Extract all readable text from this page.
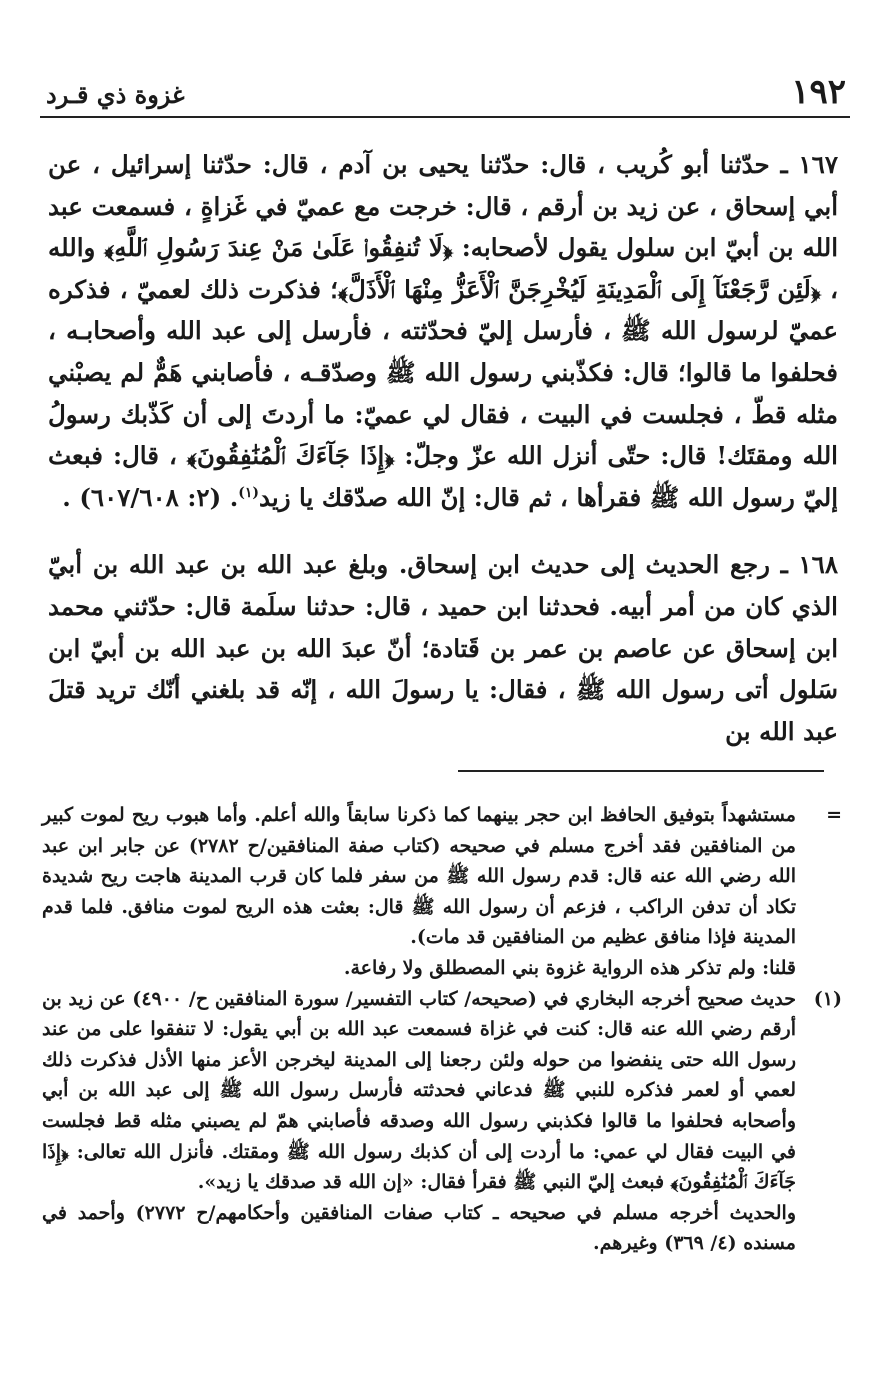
١٩٢
غزوة ذي قـرد

١٦٧ ـ حدّثنا أبو كُريب ، قال: حدّثنا يحيى بن آدم ، قال: حدّثنا إسرائيل ، عن أبي إسحاق ، عن زيد بن أرقم ، قال: خرجت مع عميّ في غَزاةٍ ، فسمعت عبد الله بن أبيّ ابن سلول يقول لأصحابه: ﴿لَا تُنفِقُوا۟ عَلَىٰ مَنْ عِندَ رَسُولِ ٱللَّهِ﴾ والله ، ﴿لَئِن رَّجَعْنَآ إِلَى ٱلْمَدِينَةِ لَيُخْرِجَنَّ ٱلْأَعَزُّ مِنْهَا ٱلْأَذَلَّ﴾؛ فذكرت ذلك لعميّ ، فذكره عميّ لرسول الله ﷺ ، فأرسل إليّ فحدّثته ، فأرسل إلى عبد الله وأصحابـه ، فحلفوا ما قالوا؛ قال: فكذّبني رسول الله ﷺ وصدّقـه ، فأصابني هَمٌّ لم يصبْني مثله قطّ ، فجلست في البيت ، فقال لي عميّ: ما أردتَ إلى أن كَذّبك رسولُ الله ومقتَك! قال: حتّى أنزل الله عزّ وجلّ: ﴿إِذَا جَآءَكَ ٱلْمُنَٰفِقُونَ﴾ ، قال: فبعث إليّ رسول الله ﷺ فقرأها ، ثم قال: إنّ الله صدّقك يا زيد$^{(١)}$. (٢: ٦٠٧/٦٠٨) .

١٦٨ ـ رجع الحديث إلى حديث ابن إسحاق. وبلغ عبد الله بن عبد الله بن أبيّ الذي كان من أمر أبيه. فحدثنا ابن حميد ، قال: حدثنا سلَمة قال: حدّثني محمد ابن إسحاق عن عاصم بن عمر بن قَتادة؛ أنّ عبدَ الله بن عبد الله بن أبيّ ابن سَلول أتى رسول الله ﷺ ، فقال: يا رسولَ الله ، إنّه قد بلغني أنّك تريد قتلَ عبد الله بن

=
مستشهداً بتوفيق الحافظ ابن حجر بينهما كما ذكرنا سابقاً والله أعلم. وأما هبوب ريح لموت كبير من المنافقين فقد أخرج مسلم في صحيحه (كتاب صفة المنافقين/ح ٢٧٨٢) عن جابر ابن عبد الله رضي الله عنه قال: قدم رسول الله ﷺ من سفر فلما كان قرب المدينة هاجت ريح شديدة تكاد أن تدفن الراكب ، فزعم أن رسول الله ﷺ قال: بعثت هذه الريح لموت منافق. فلما قدم المدينة فإذا منافق عظيم من المنافقين قد مات).
قلنا: ولم تذكر هذه الرواية غزوة بني المصطلق ولا رفاعة.
(١)
حديث صحيح أخرجه البخاري في (صحيحه/ كتاب التفسير/ سورة المنافقين ح/ ٤٩٠٠) عن زيد بن أرقم رضي الله عنه قال: كنت في غزاة فسمعت عبد الله بن أبي يقول: لا تنفقوا على من عند رسول الله حتى ينفضوا من حوله ولئن رجعنا إلى المدينة ليخرجن الأعز منها الأذل فذكرت ذلك لعمي أو لعمر فذكره للنبي ﷺ فدعاني فحدثته فأرسل رسول الله ﷺ إلى عبد الله بن أبي وأصحابه فحلفوا ما قالوا فكذبني رسول الله وصدقه فأصابني همّ لم يصبني مثله قط فجلست في البيت فقال لي عمي: ما أردت إلى أن كذبك رسول الله ﷺ ومقتك. فأنزل الله تعالى: ﴿إِذَا جَآءَكَ ٱلْمُنَٰفِقُونَ﴾ فبعث إليّ النبي ﷺ فقرأ فقال: «إن الله قد صدقك يا زيد».
والحديث أخرجه مسلم في صحيحه ـ كتاب صفات المنافقين وأحكامهم/ح ٢٧٧٢) وأحمد في مسنده (٤/ ٣٦٩) وغيرهم.
